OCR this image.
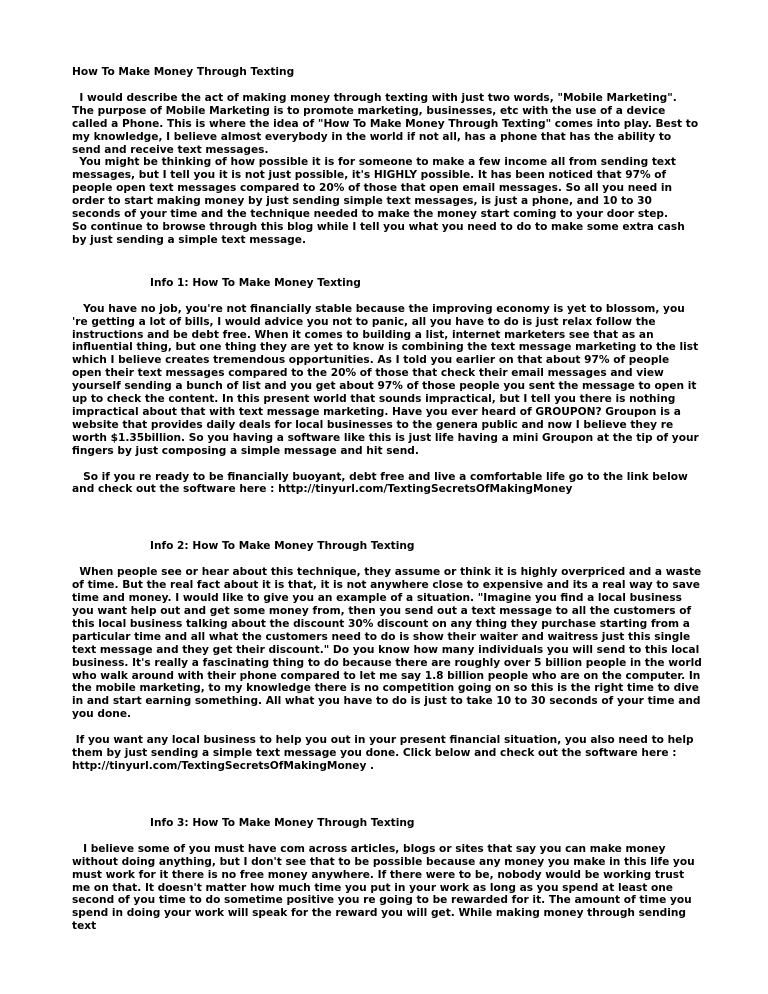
How To Make Money Through Texting

I would describe the act of making money through texting with just two words, "Mobile Marketing". The purpose of Mobile Marketing is to promote marketing, businesses, etc with the use of a device called a Phone. This is where the idea of "How To Make Money Through Texting" comes into play. Best to my knowledge, I believe almost everybody in the world if not all, has a phone that has the ability to send and receive text messages.

You might be thinking of how possible it is for someone to make a few income all from sending text messages, but I tell you it is not just possible, it's HIGHLY possible. It has been noticed that 97% of people open text messages compared to 20% of those that open email messages. So all you need in order to start making money by just sending simple text messages, is just a phone, and 10 to 30 seconds of your time and the technique needed to make the money start coming to your door step.

So continue to browse through this blog while I tell you what you need to do to make some extra cash by just sending a simple text message.

Info 1: How To Make Money Texting

You have no job, you're not financially stable because the improving economy is yet to blossom, you 're getting a lot of bills, I would advice you not to panic, all you have to do is just relax follow the instructions and be debt free. When it comes to building a list, internet marketers see that as an influential thing, but one thing they are yet to know is combining the text message marketing to the list which I believe creates tremendous opportunities. As I told you earlier on that about 97% of people open their text messages compared to the 20% of those that check their email messages and view yourself sending a bunch of list and you get about 97% of those people you sent the message to open it up to check the content. In this present world that sounds impractical, but I tell you there is nothing impractical about that with text message marketing. Have you ever heard of GROUPON? Groupon is a website that provides daily deals for local businesses to the genera public and now I believe they re worth $1.35billion. So you having a software like this is just life having a mini Groupon at the tip of your fingers by just composing a simple message and hit send.

So if you re ready to be financially buoyant, debt free and live a comfortable life go to the link below and check out the software here : http://tinyurl.com/TextingSecretsOfMakingMoney

Info 2: How To Make Money Through Texting

When people see or hear about this technique, they assume or think it is highly overpriced and a waste of time. But the real fact about it is that, it is not anywhere close to expensive and its a real way to save time and money. I would like to give you an example of a situation. "Imagine you find a local business you want help out and get some money from, then you send out a text message to all the customers of this local business talking about the discount 30% discount on any thing they purchase starting from a particular time and all what the customers need to do is show their waiter and waitress just this single text message and they get their discount." Do you know how many individuals you will send to this local business. It's really a fascinating thing to do because there are roughly over 5 billion people in the world who walk around with their phone compared to let me say 1.8 billion people who are on the computer. In the mobile marketing, to my knowledge there is no competition going on so this is the right time to dive in and start earning something. All what you have to do is just to take 10 to 30 seconds of your time and you done.

If you want any local business to help you out in your present financial situation, you also need to help them by just sending a simple text message you done. Click below and check out the software here : http://tinyurl.com/TextingSecretsOfMakingMoney .

Info 3: How To Make Money Through Texting

I believe some of you must have com across articles, blogs or sites that say you can make money without doing anything, but I don't see that to be possible because any money you make in this life you must work for it there is no free money anywhere. If there were to be, nobody would be working trust me on that. It doesn't matter how much time you put in your work as long as you spend at least one second of you time to do sometime positive you re going to be rewarded for it. The amount of time you spend in doing your work will speak for the reward you will get. While making money through sending text
